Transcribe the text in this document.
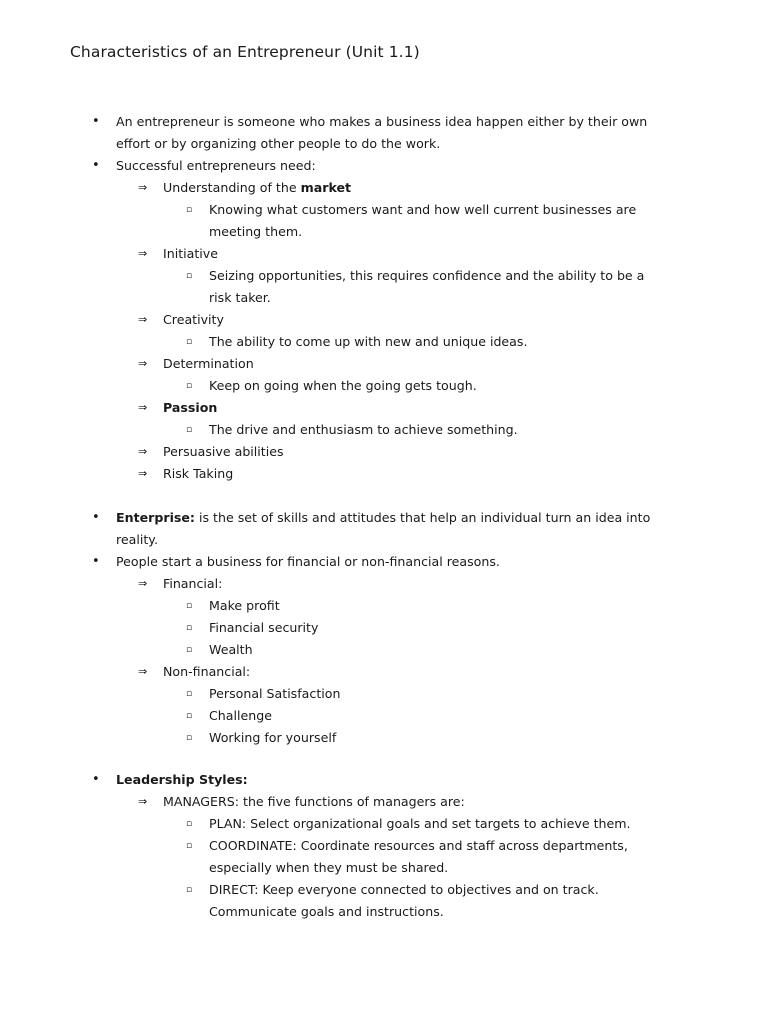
Characteristics of an Entrepreneur (Unit 1.1)
• An entrepreneur is someone who makes a business idea happen either by their own
effort or by organizing other people to do the work.
• Successful entrepreneurs need:
⇒ Understanding of the market
▫ Knowing what customers want and how well current businesses are
meeting them.
⇒ Initiative
▫ Seizing opportunities, this requires confidence and the ability to be a
risk taker.
⇒ Creativity
▫ The ability to come up with new and unique ideas.
⇒ Determination
▫ Keep on going when the going gets tough.
⇒ Passion
▫ The drive and enthusiasm to achieve something.
⇒ Persuasive abilities
⇒ Risk Taking
• Enterprise: is the set of skills and attitudes that help an individual turn an idea into
reality.
• People start a business for financial or non-financial reasons.
⇒ Financial:
▫ Make profit
▫ Financial security
▫ Wealth
⇒ Non-financial:
▫ Personal Satisfaction
▫ Challenge
▫ Working for yourself
• Leadership Styles:
⇒ MANAGERS: the five functions of managers are:
▫ PLAN: Select organizational goals and set targets to achieve them.
▫ COORDINATE: Coordinate resources and staff across departments,
especially when they must be shared.
▫ DIRECT: Keep everyone connected to objectives and on track.
Communicate goals and instructions.
